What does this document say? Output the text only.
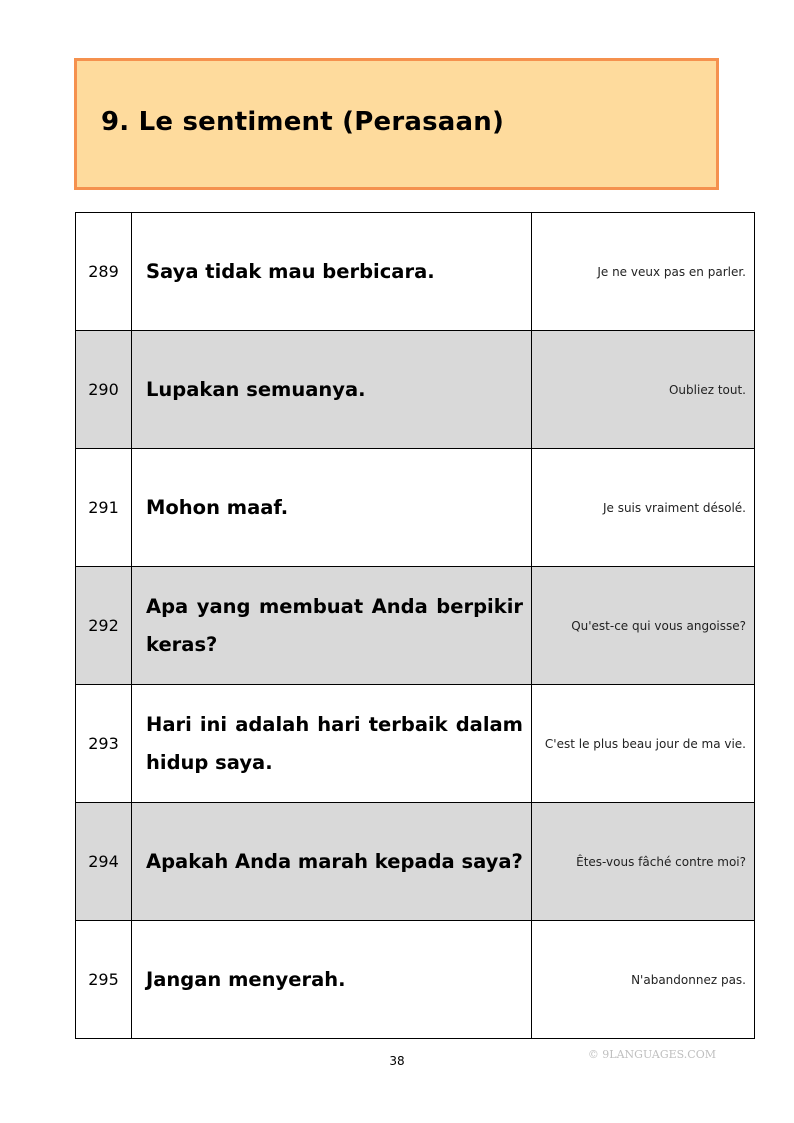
9. Le sentiment (Perasaan)
289	Saya tidak mau berbicara.	Je ne veux pas en parler.
290	Lupakan semuanya.	Oubliez tout.
291	Mohon maaf.	Je suis vraiment désolé.
292	Apa yang membuat Anda berpikir keras?	Qu'est-ce qui vous angoisse?
293	Hari ini adalah hari terbaik dalam hidup saya.	C'est le plus beau jour de ma vie.
294	Apakah Anda marah kepada saya?	Êtes-vous fâché contre moi?
295	Jangan menyerah.	N'abandonnez pas.
© 9LANGUAGES.COM
38
